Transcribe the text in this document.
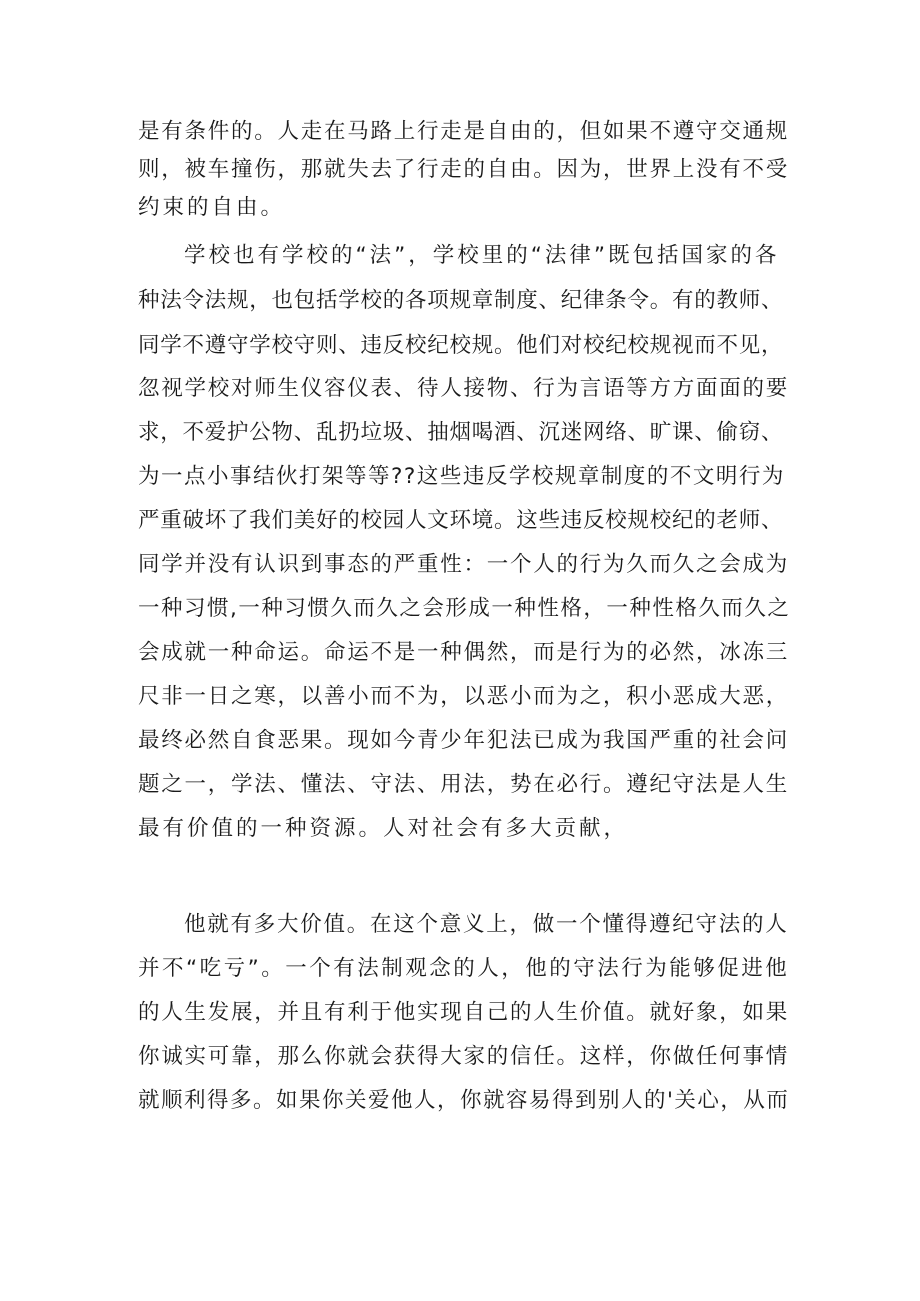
是有条件的。人走在马路上行走是自由的，但如果不遵守交通规
则，被车撞伤，那就失去了行走的自由。因为，世界上没有不受
约束的自由。
学校也有学校的“法”，学校里的“法律”既包括国家的各
种法令法规，也包括学校的各项规章制度、纪律条令。有的教师、
同学不遵守学校守则、违反校纪校规。他们对校纪校规视而不见，
忽视学校对师生仪容仪表、待人接物、行为言语等方方面面的要
求，不爱护公物、乱扔垃圾、抽烟喝酒、沉迷网络、旷课、偷窃、
为一点小事结伙打架等等??这些违反学校规章制度的不文明行为
严重破坏了我们美好的校园人文环境。这些违反校规校纪的老师、
同学并没有认识到事态的严重性：一个人的行为久而久之会成为
一种习惯,一种习惯久而久之会形成一种性格，一种性格久而久之
会成就一种命运。命运不是一种偶然，而是行为的必然，冰冻三
尺非一日之寒，以善小而不为，以恶小而为之，积小恶成大恶，
最终必然自食恶果。现如今青少年犯法已成为我国严重的社会问
题之一，学法、懂法、守法、用法，势在必行。遵纪守法是人生
最有价值的一种资源。人对社会有多大贡献，
他就有多大价值。在这个意义上，做一个懂得遵纪守法的人
并不“吃亏”。一个有法制观念的人，他的守法行为能够促进他
的人生发展，并且有利于他实现自己的人生价值。就好象，如果
你诚实可靠，那么你就会获得大家的信任。这样，你做任何事情
就顺利得多。如果你关爱他人，你就容易得到别人的'关心，从而
